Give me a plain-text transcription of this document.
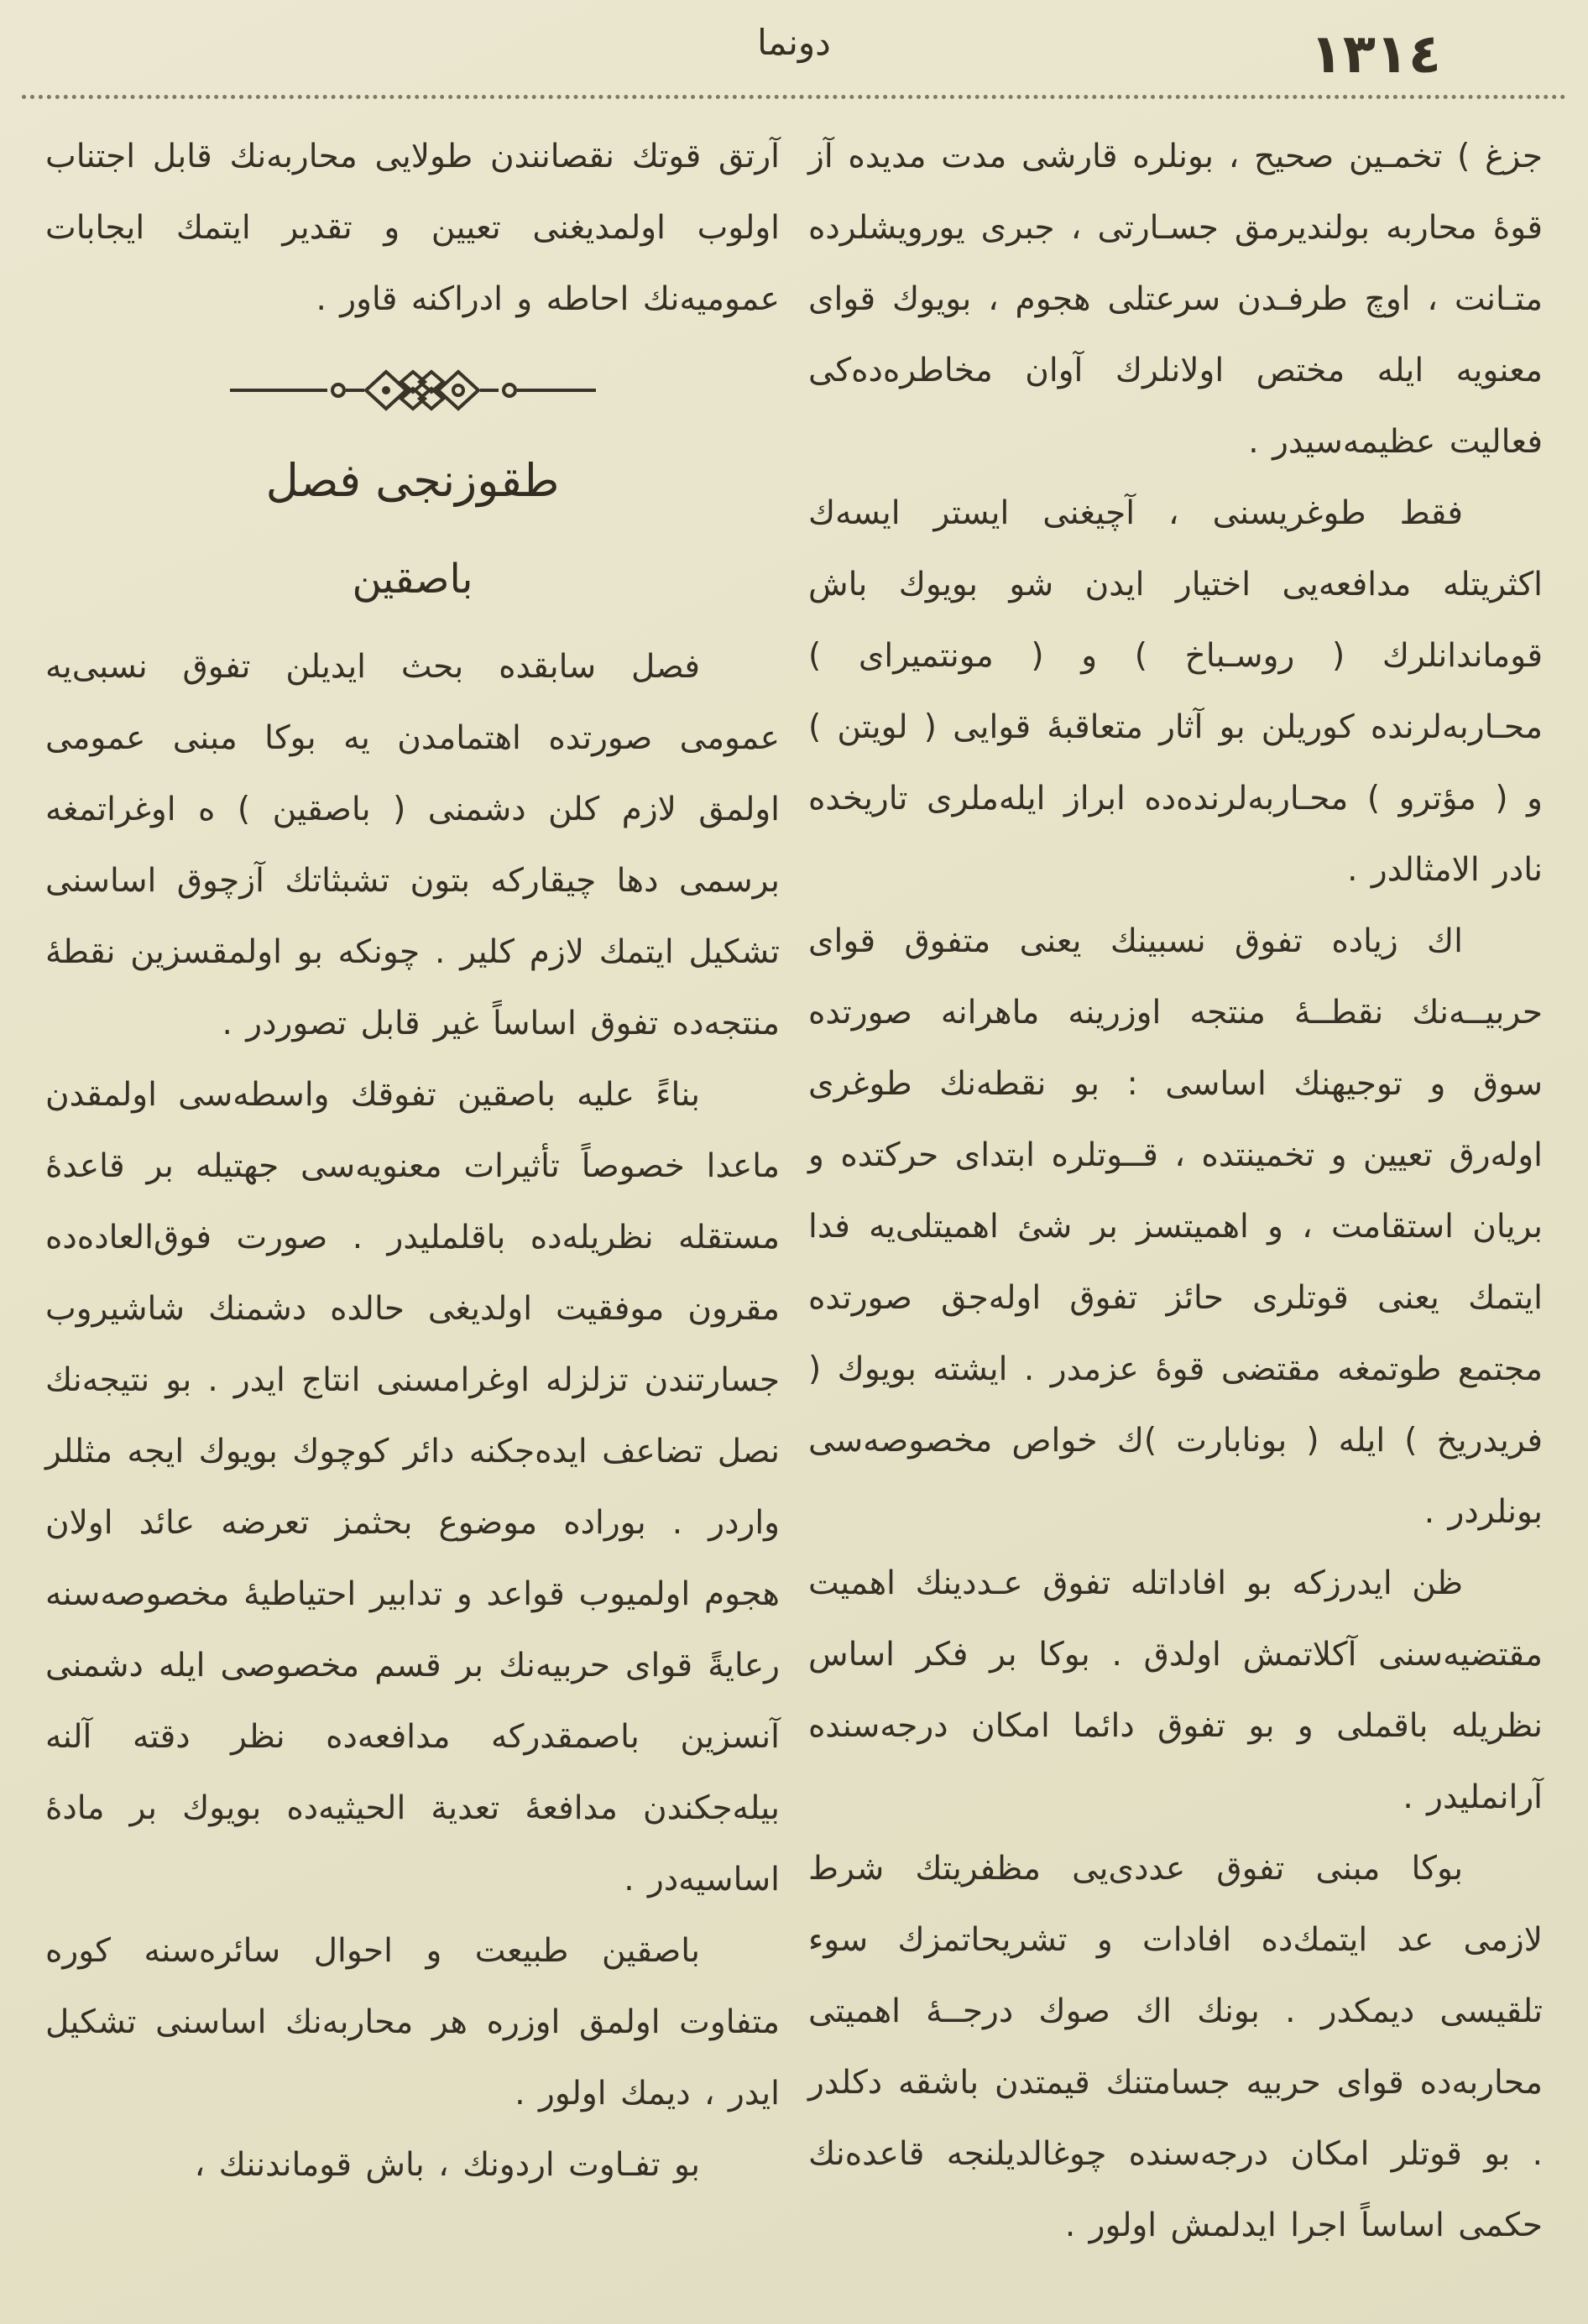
دونما	١٣١٤

جزغ ) تخمـين صحيح ، بونلره قارشى مدت مديده آز قوهٔ محاربه بولنديرمق جسـارتى ، جبرى يورويشلرده متـانت ، اوچ طرفـدن سرعتلى هجوم ، بويوك قواى معنويه ايله مختص اولانلرك آوان مخاطره‌ده‌كى فعاليت عظيمه‌سيدر .

فقط طوغريسنى ، آچيغنى ايستر ايسه‌ك اكثريتله مدافعه‌يى اختيار ايدن شو بويوك باش قوماندانلرك ( روسـباخ ) و ( مونتميراى ) محـاربه‌لرنده كوريلن بو آثار متعاقبهٔ قوايى ( لويتن ) و ( مؤترو ) محـاربه‌لرنده‌ده ابراز ايله‌ملرى تاريخده نادر الامثالدر .

اك زياده تفوق نسبينك يعنى متفوق قواى حربيــه‌نك نقطــهٔ منتجه اوزرينه ماهرانه صورتده سوق و توجيهنك اساسى : بو نقطه‌نك طوغرى اوله‌رق تعيين و تخمينتده ، قــوتلره ابتداى حركتده و بريان استقامت ، و اهميتسز بر شئ اهميتلى‌يه فدا ايتمك يعنى قوتلرى حائز تفوق اوله‌جق صورتده مجتمع طوتمغه مقتضى قوهٔ عزمدر . ايشته بويوك ( فريدريخ ) ايله ( بونابارت )ك خواص مخصوصه‌سى بونلردر .

ظن ايدرزكه بو افاداتله تفوق عـددينك اهميت مقتضيه‌سنى آكلاتمش اولدق . بوكا بر فكر اساس نظريله باقملى و بو تفوق دائما امكان درجه‌سنده آرانمليدر .

بوكا مبنى تفوق عددى‌يى مظفريتك شرط لازمى عد ايتمك‌ده افادات و تشريحاتمزك سوء تلقيسى ديمكدر . بونك اك صوك درجــهٔ اهميتى محاربه‌ده قواى حربيه جسامتنك قيمتدن باشقه دكلدر . بو قوتلر امكان درجه‌سنده چوغالديلنجه قاعده‌نك حكمى اساساً اجرا ايدلمش اولور .

آرتق قوتك نقصانندن طولايى محاربه‌نك قابل اجتناب اولوب اولمديغنى تعيين و تقدير ايتمك ايجابات عموميه‌نك احاطه و ادراكنه قاور .

طقوزنجى فصل
باصقين

فصل سابقده بحث ايديلن تفوق نسبى‌يه عمومى صورتده اهتمامدن يه بوكا مبنى عمومى اولمق لازم كلن دشمنى ( باصقين ) ه اوغراتمغه برسمى دها چيقاركه بتون تشبثاتك آزچوق اساسنى تشكيل ايتمك لازم كلير . چونكه بو اولمقسزين نقطهٔ منتجه‌ده تفوق اساساً غير قابل تصوردر .

بناءً عليه باصقين تفوقك واسطه‌سى اولمقدن ماعدا خصوصاً تأثيرات معنويه‌سى جهتيله بر قاعدهٔ مستقله نظريله‌ده باقلمليدر . صورت فوق‌العاده‌ده مقرون موفقيت اولديغى حالده دشمنك شاشيروب جسارتندن تزلزله اوغرامسنى انتاج ايدر . بو نتيجه‌نك نصل تضاعف ايده‌جكنه دائر كوچوك بويوك ايجه مثللر واردر . بوراده موضوع بحثمز تعرضه عائد اولان هجوم اولميوب قواعد و تدابير احتياطيهٔ مخصوصه‌سنه رعايةً قواى حربيه‌نك بر قسم مخصوصى ايله دشمنى آنسزين باصمقدركه مدافعه‌ده نظر دقته آلنه بيله‌جكندن مدافعهٔ تعدية الحيثيه‌ده بويوك بر مادهٔ اساسيه‌در .

باصقين طبيعت و احوال سائره‌سنه كوره متفاوت اولمق اوزره هر محاربه‌نك اساسنى تشكيل ايدر ، ديمك اولور .

بو تفـاوت اردونك ، باش قوماندننك ،
